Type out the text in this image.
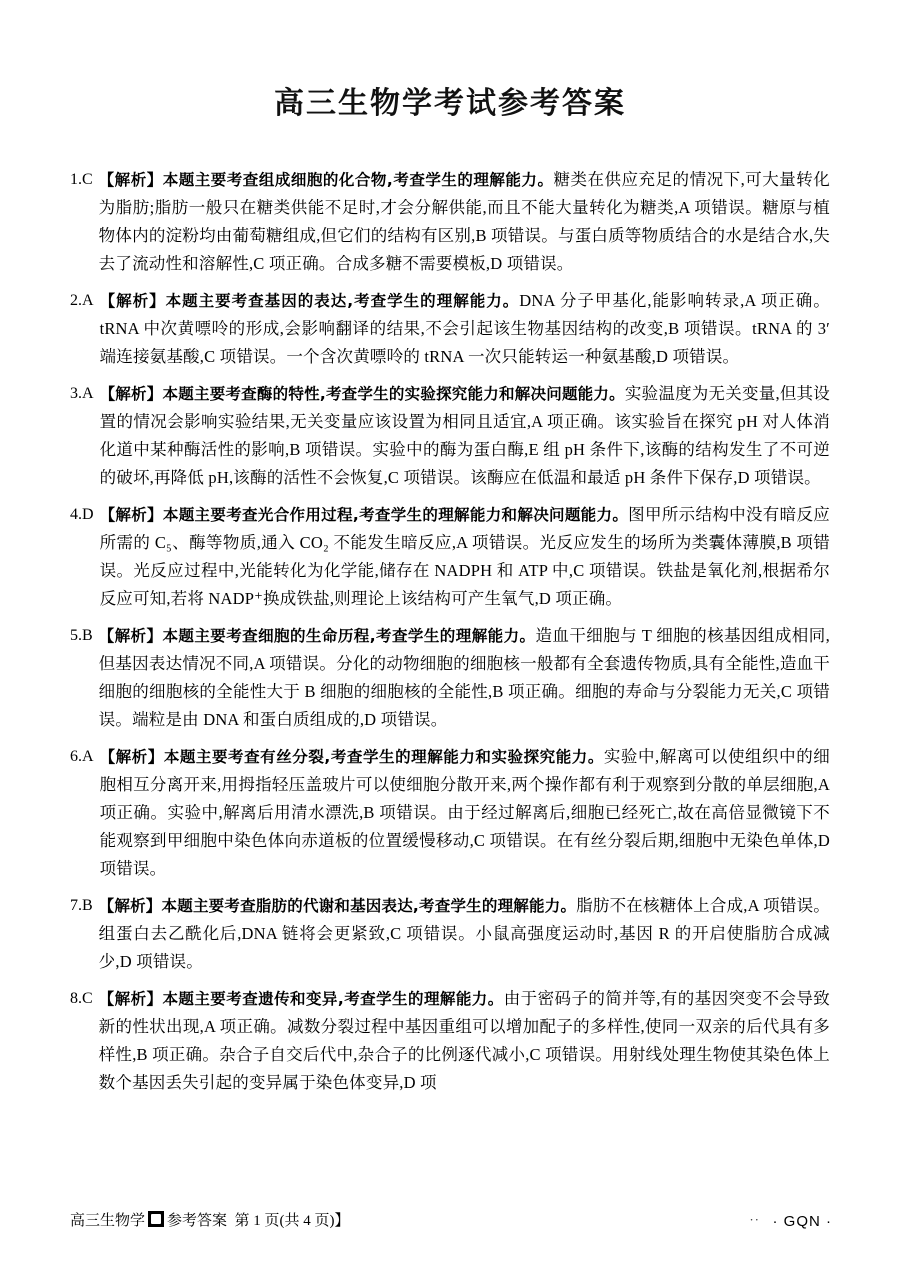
高三生物学考试参考答案
1.C 【解析】本题主要考查组成细胞的化合物,考查学生的理解能力。糖类在供应充足的情况下,可大量转化为脂肪;脂肪一般只在糖类供能不足时,才会分解供能,而且不能大量转化为糖类,A 项错误。糖原与植物体内的淀粉均由葡萄糖组成,但它们的结构有区别,B 项错误。与蛋白质等物质结合的水是结合水,失去了流动性和溶解性,C 项正确。合成多糖不需要模板,D 项错误。
2.A 【解析】本题主要考查基因的表达,考查学生的理解能力。DNA 分子甲基化,能影响转录,A 项正确。tRNA 中次黄嘌呤的形成,会影响翻译的结果,不会引起该生物基因结构的改变,B 项错误。tRNA 的 3′端连接氨基酸,C 项错误。一个含次黄嘌呤的 tRNA 一次只能转运一种氨基酸,D 项错误。
3.A 【解析】本题主要考查酶的特性,考查学生的实验探究能力和解决问题能力。实验温度为无关变量,但其设置的情况会影响实验结果,无关变量应该设置为相同且适宜,A 项正确。该实验旨在探究 pH 对人体消化道中某种酶活性的影响,B 项错误。实验中的酶为蛋白酶,E 组 pH 条件下,该酶的结构发生了不可逆的破坏,再降低 pH,该酶的活性不会恢复,C 项错误。该酶应在低温和最适 pH 条件下保存,D 项错误。
4.D 【解析】本题主要考查光合作用过程,考查学生的理解能力和解决问题能力。图甲所示结构中没有暗反应所需的 C₅、酶等物质,通入 CO₂ 不能发生暗反应,A 项错误。光反应发生的场所为类囊体薄膜,B 项错误。光反应过程中,光能转化为化学能,储存在 NADPH 和 ATP 中,C 项错误。铁盐是氧化剂,根据希尔反应可知,若将 NADP⁺换成铁盐,则理论上该结构可产生氧气,D 项正确。
5.B 【解析】本题主要考查细胞的生命历程,考查学生的理解能力。造血干细胞与 T 细胞的核基因组成相同,但基因表达情况不同,A 项错误。分化的动物细胞的细胞核一般都有全套遗传物质,具有全能性,造血干细胞的细胞核的全能性大于 B 细胞的细胞核的全能性,B 项正确。细胞的寿命与分裂能力无关,C 项错误。端粒是由 DNA 和蛋白质组成的,D 项错误。
6.A 【解析】本题主要考查有丝分裂,考查学生的理解能力和实验探究能力。实验中,解离可以使组织中的细胞相互分离开来,用拇指轻压盖玻片可以使细胞分散开来,两个操作都有利于观察到分散的单层细胞,A 项正确。实验中,解离后用清水漂洗,B 项错误。由于经过解离后,细胞已经死亡,故在高倍显微镜下不能观察到甲细胞中染色体向赤道板的位置缓慢移动,C 项错误。在有丝分裂后期,细胞中无染色单体,D 项错误。
7.B 【解析】本题主要考查脂肪的代谢和基因表达,考查学生的理解能力。脂肪不在核糖体上合成,A 项错误。组蛋白去乙酰化后,DNA 链将会更紧致,C 项错误。小鼠高强度运动时,基因 R 的开启使脂肪合成减少,D 项错误。
8.C 【解析】本题主要考查遗传和变异,考查学生的理解能力。由于密码子的简并等,有的基因突变不会导致新的性状出现,A 项正确。减数分裂过程中基因重组可以增加配子的多样性,使同一双亲的后代具有多样性,B 项正确。杂合子自交后代中,杂合子的比例逐代减小,C 项错误。用射线处理生物使其染色体上数个基因丢失引起的变异属于染色体变异,D 项
高三生物学 参考答案 第 1 页(共 4 页)】	·· · GQN ·
